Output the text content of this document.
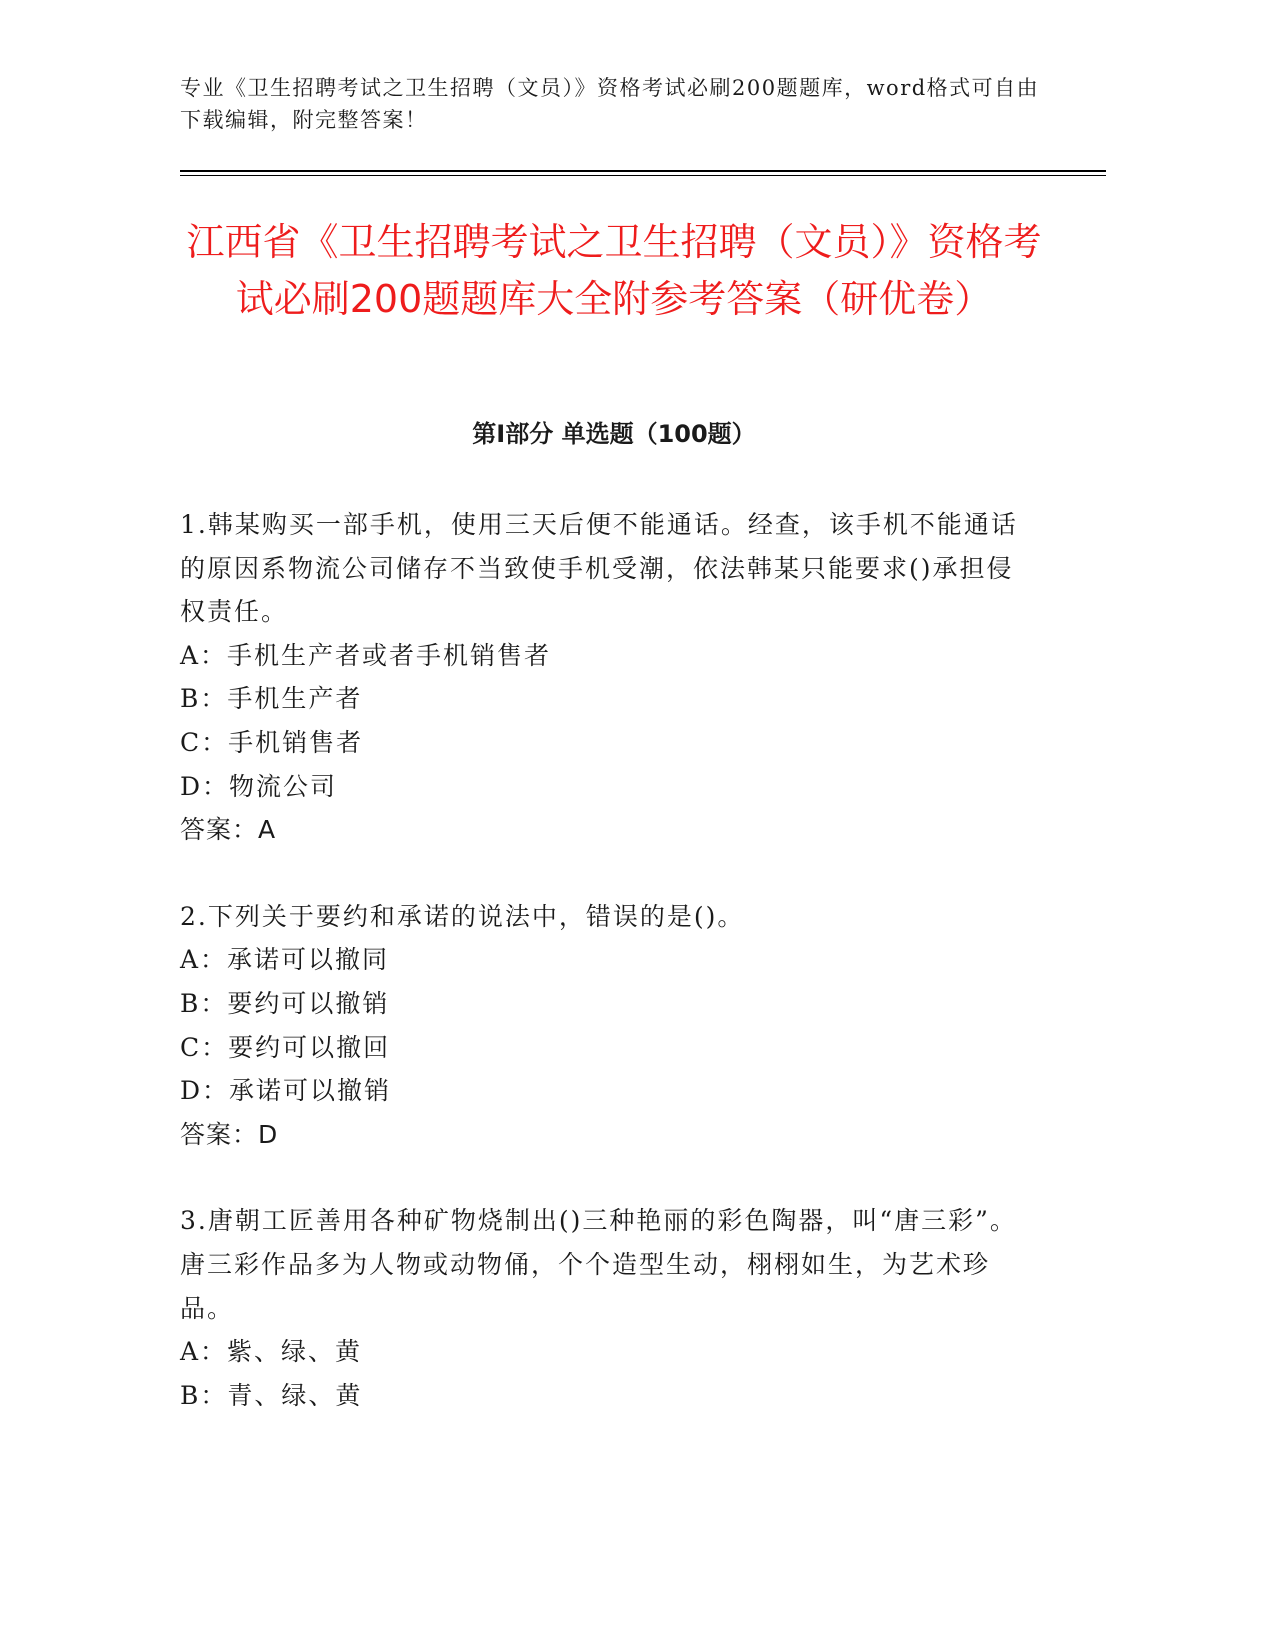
专业《卫生招聘考试之卫生招聘（文员）》资格考试必刷200题题库，word格式可自由下载编辑，附完整答案！
江西省《卫生招聘考试之卫生招聘（文员）》资格考试必刷200题题库大全附参考答案（研优卷）
第I部分 单选题（100题）
1.韩某购买一部手机，使用三天后便不能通话。经查，该手机不能通话的原因系物流公司储存不当致使手机受潮，依法韩某只能要求()承担侵权责任。
A：手机生产者或者手机销售者
B：手机生产者
C：手机销售者
D：物流公司
答案：A
2.下列关于要约和承诺的说法中，错误的是()。
A：承诺可以撤同
B：要约可以撤销
C：要约可以撤回
D：承诺可以撤销
答案：D
3.唐朝工匠善用各种矿物烧制出()三种艳丽的彩色陶器，叫“唐三彩”。唐三彩作品多为人物或动物俑，个个造型生动，栩栩如生，为艺术珍品。
A：紫、绿、黄
B：青、绿、黄
